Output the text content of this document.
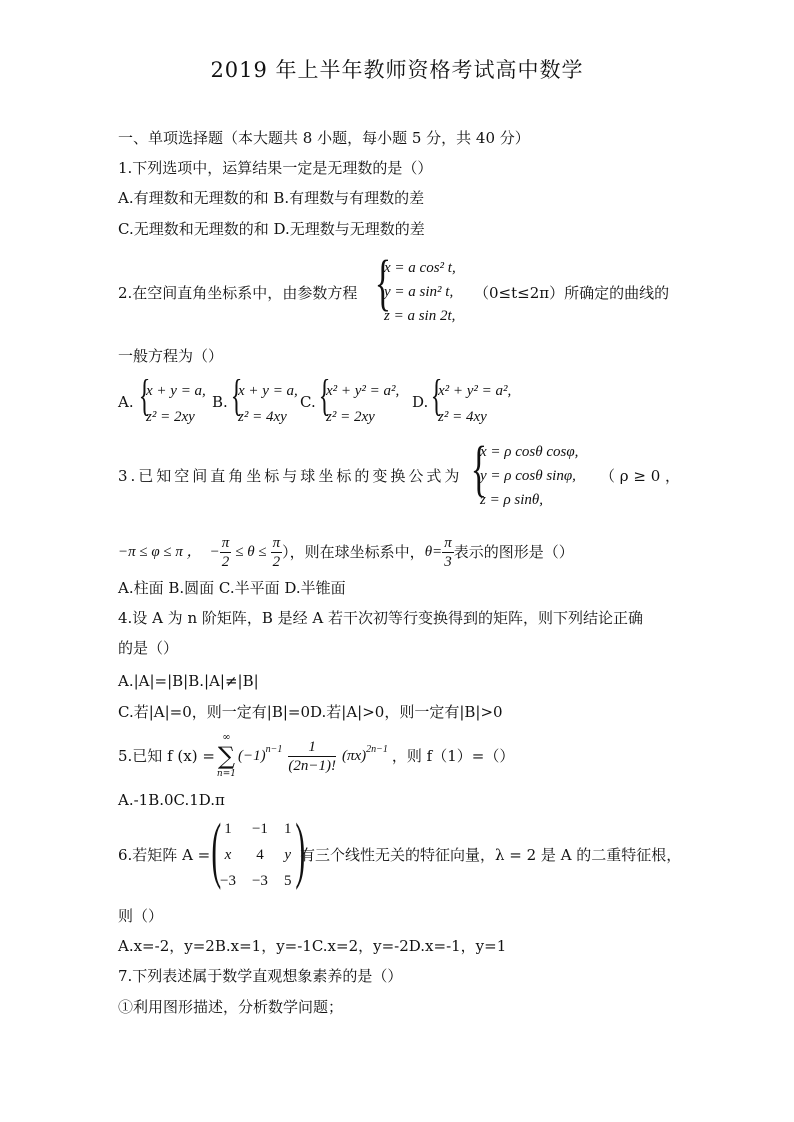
2019 年上半年教师资格考试高中数学
一、单项选择题（本大题共 8 小题，每小题 5 分，共 40 分）
1.下列选项中，运算结果一定是无理数的是（）
A.有理数和无理数的和 B.有理数与有理数的差
C.无理数和无理数的和 D.无理数与无理数的差
2.在空间直角坐标系中，由参数方程 {
x = a cos² t,
y = a sin² t,
z = a sin 2t,
（0≤t≤2π）所确定的曲线的
一般方程为（）
A. {
x + y = a,
z² = 2xy
B. {
x + y = a,
z² = 4xy
C. {
x² + y² = a²,
z² = 2xy
D. {
x² + y² = a²,
z² = 4xy
3.已知空间直角坐标与球坐标的变换公式为 {
x = ρ cosθ cosφ,
y = ρ cosθ sinφ,
z = ρ sinθ,
（ ρ ≥ 0 ，
−π ≤ φ ≤ π ， − $\frac{\pi}{2} \le \theta \le \frac{\pi}{2}$ ），则在球坐标系中， $\theta= \frac{\pi}{3}$ 表示的图形是（）
A.柱面 B.圆面 C.半平面 D.半锥面
4.设 A 为 n 阶矩阵，B 是经 A 若干次初等行变换得到的矩阵，则下列结论正确
的是（）
A.|A|=|B|B.|A|≠|B|
C.若|A|=0，则一定有|B|=0D.若|A|>0，则一定有|B|>0
5.已知 f (x) =
∞
∑
n=1
$(-1)^{n-1} \frac{1}{(2n-1)!} (\pi x)^{2n-1}$ ，则 f（1）=（）
A.-1B.0C.1D.π
6.若矩阵 A = ( 1	−1	1
x	4	y
−3	−3	5 )
有三个线性无关的特征向量，λ = 2 是 A 的二重特征根，
则（）
A.x=-2，y=2B.x=1，y=-1C.x=2，y=-2D.x=-1，y=1
7.下列表述属于数学直观想象素养的是（）
①利用图形描述，分析数学问题；
